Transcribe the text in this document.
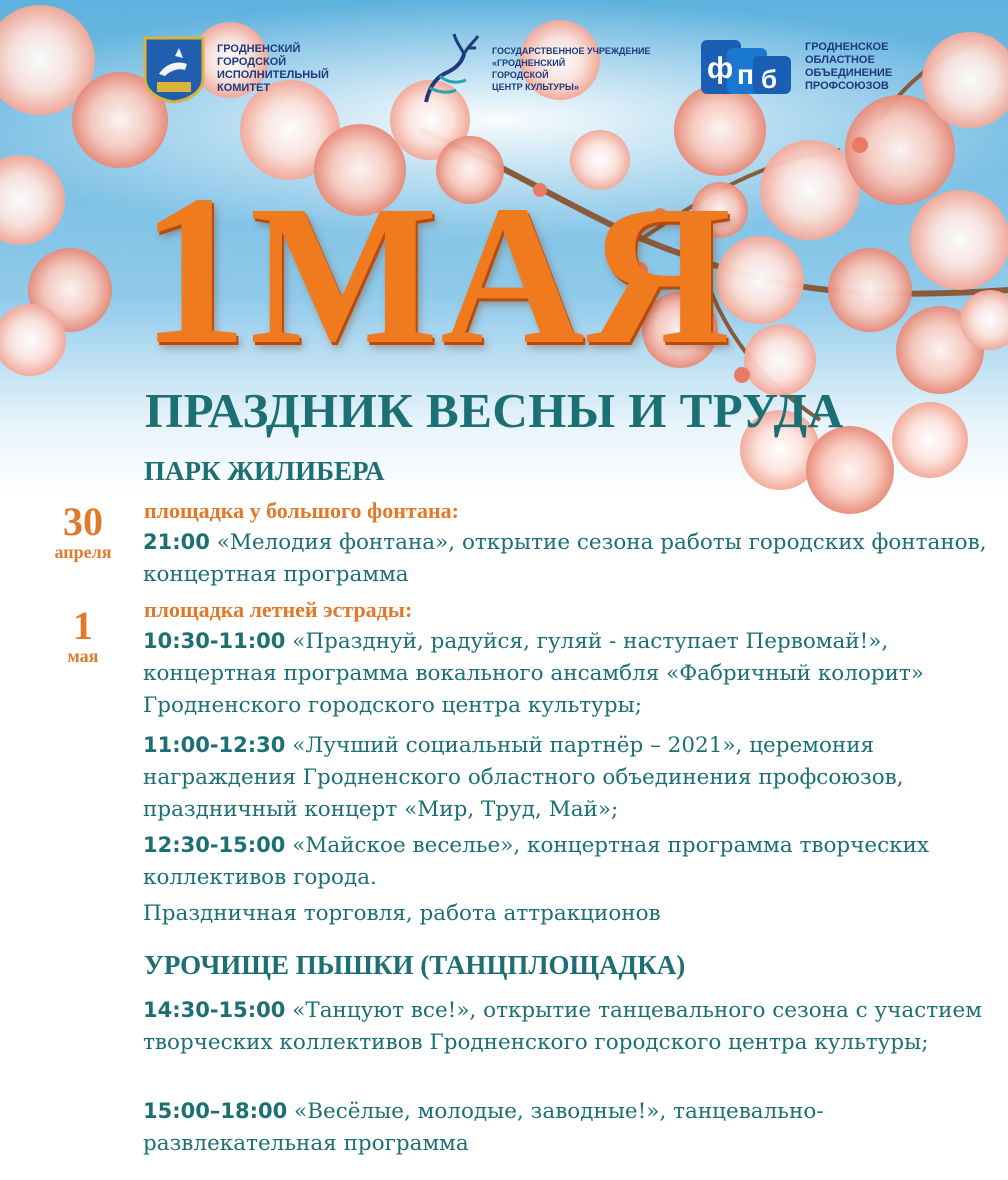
ГРОДНЕНСКИЙ
ГОРОДСКОЙ
ИСПОЛНИТЕЛЬНЫЙ
КОМИТЕТ
ГОСУДАРСТВЕННОЕ УЧРЕЖДЕНИЕ
«ГРОДНЕНСКИЙ
ГОРОДСКОЙ
ЦЕНТР КУЛЬТУРЫ»
ф п б
ГРОДНЕНСКОЕ
ОБЛАСТНОЕ
ОБЪЕДИНЕНИЕ
ПРОФСОЮЗОВ
1МАЯ
ПРАЗДНИК ВЕСНЫ И ТРУДА
ПАРК ЖИЛИБЕРА
30
апреля
площадка у большого фонтана:
21:00 «Мелодия фонтана», открытие сезона работы городских фонтанов, концертная программа
1
мая
площадка летней эстрады:
10:30-11:00 «Празднуй, радуйся, гуляй - наступает Первомай!», концертная программа вокального ансамбля «Фабричный колорит» Гродненского городского центра культуры;
11:00-12:30 «Лучший социальный партнёр – 2021», церемония награждения Гродненского областного объединения профсоюзов, праздничный концерт «Мир, Труд, Май»;
12:30-15:00 «Майское веселье», концертная программа творческих коллективов города.
Праздничная торговля, работа аттракционов
УРОЧИЩЕ ПЫШКИ (ТАНЦПЛОЩАДКА)
14:30-15:00 «Танцуют все!», открытие танцевального сезона с участием творческих коллективов Гродненского городского центра культуры;
15:00–18:00 «Весёлые, молодые, заводные!», танцевально-развлекательная программа
